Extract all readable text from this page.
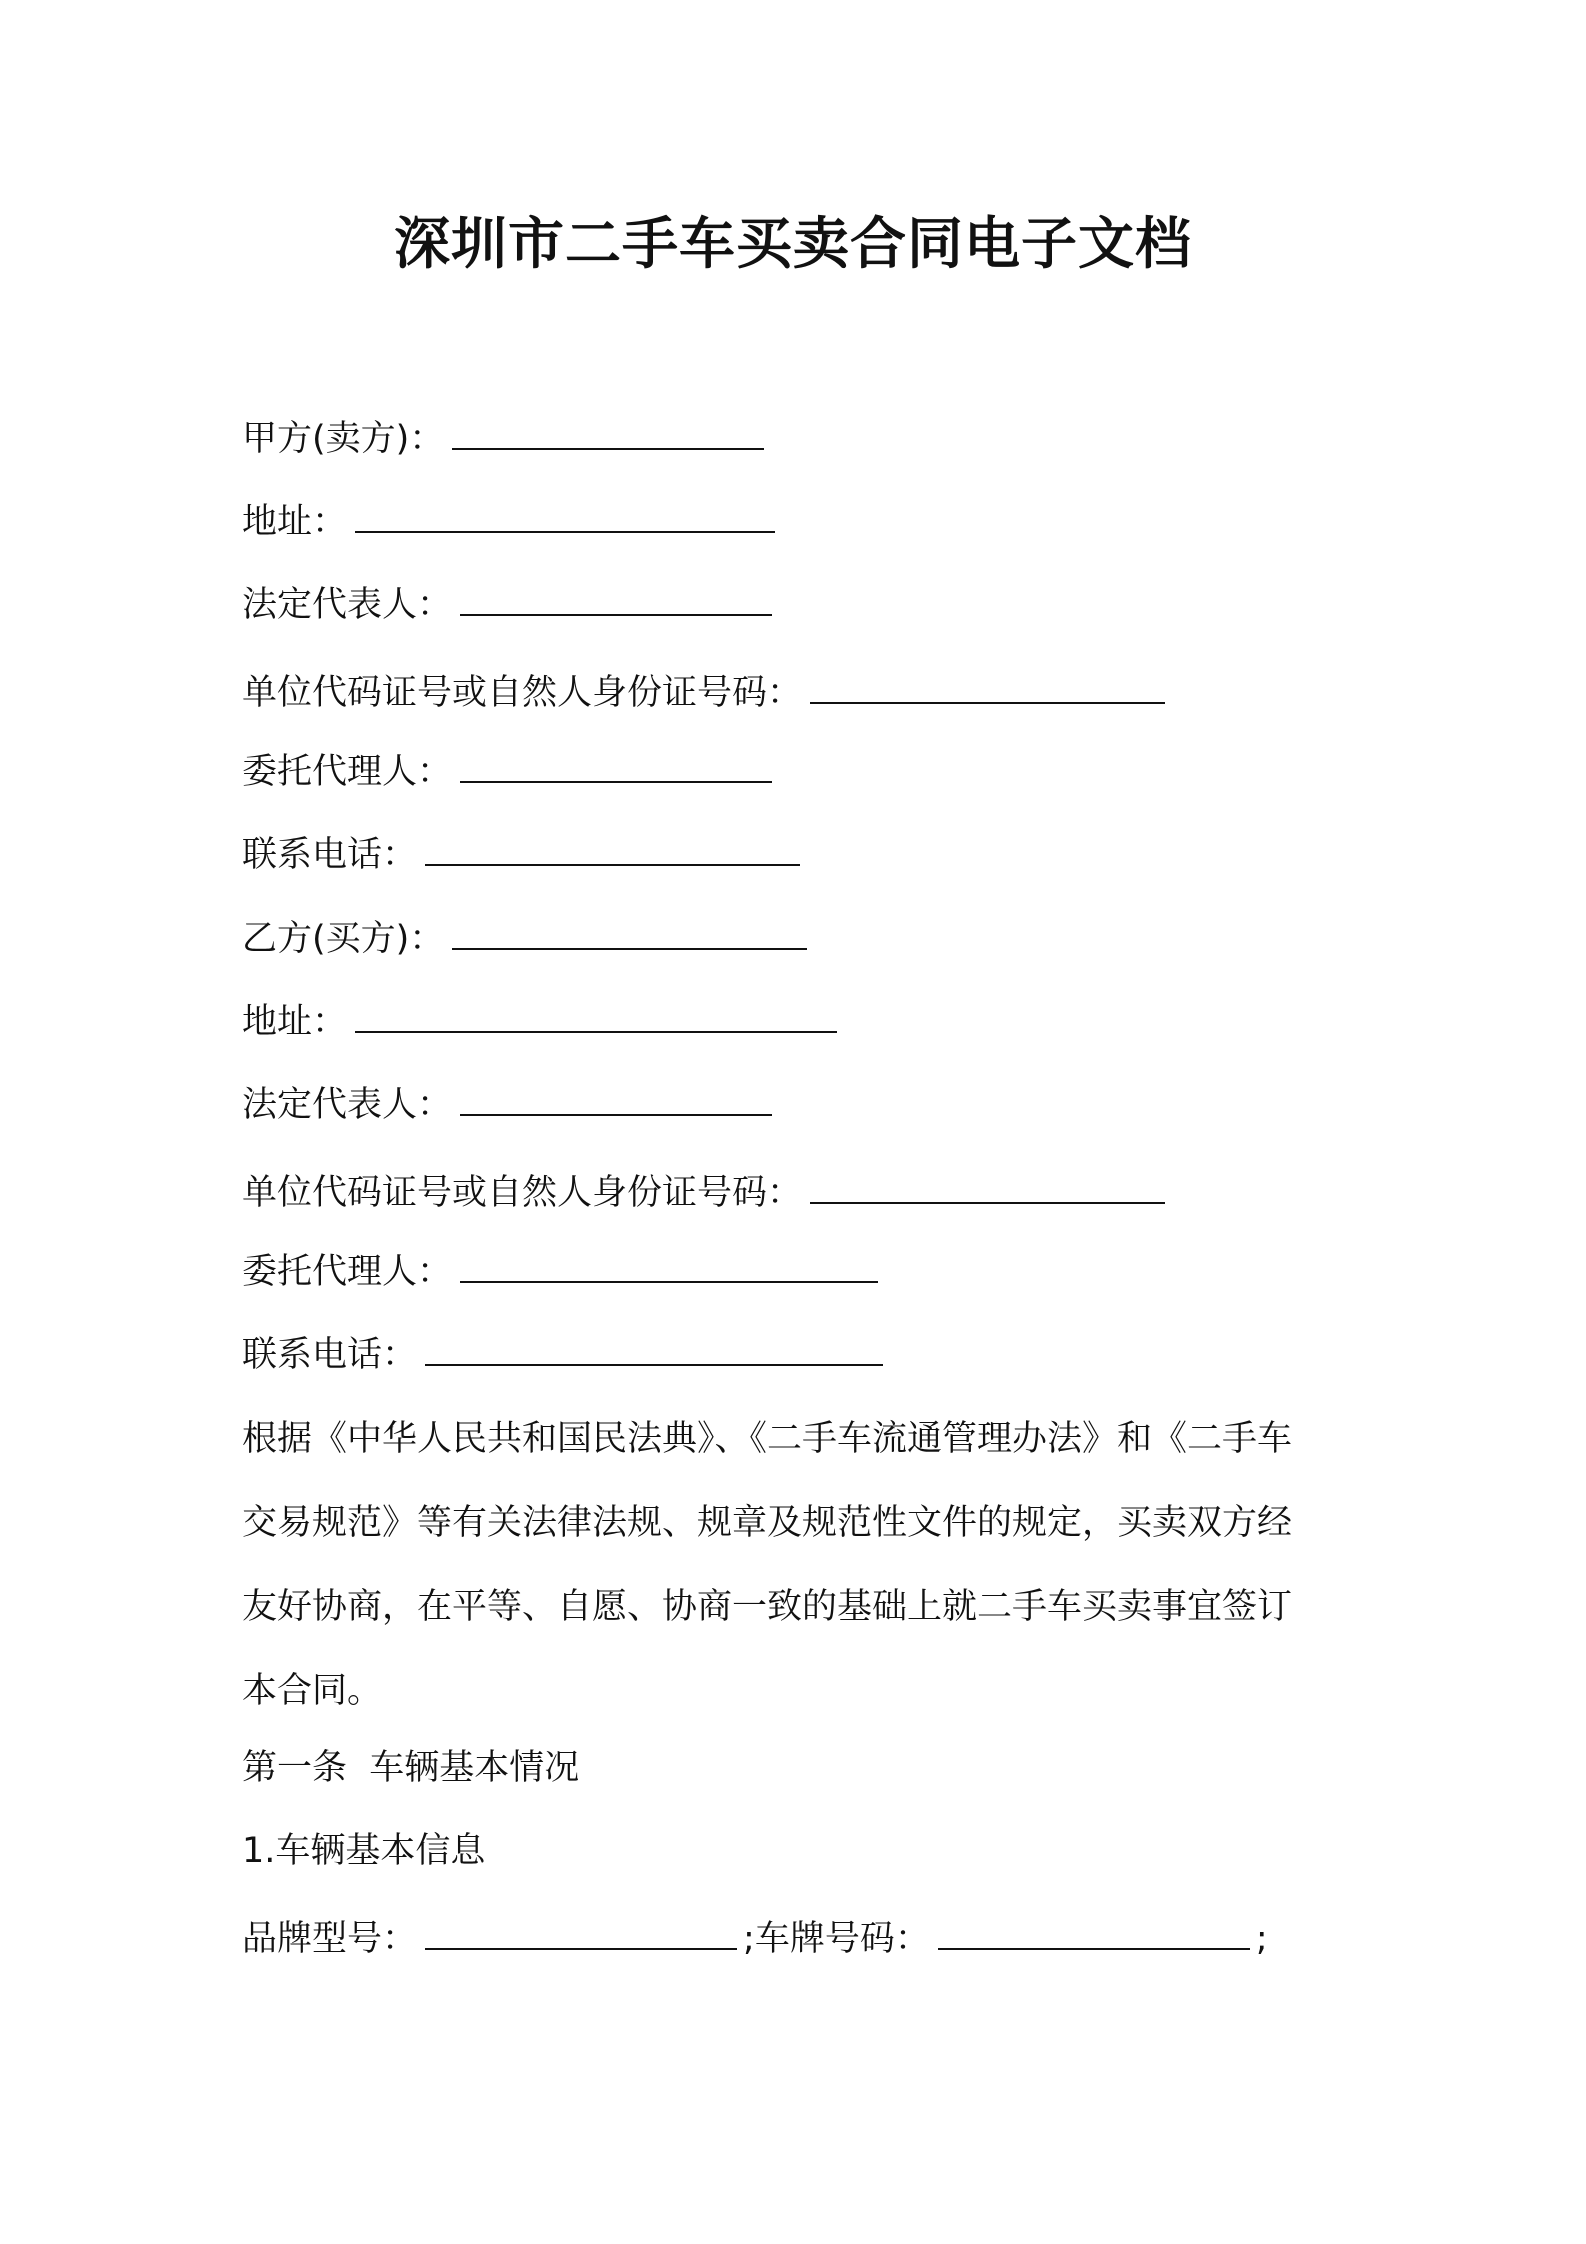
深圳市二手车买卖合同电子文档
甲方(卖方)：
地址：
法定代表人：
单位代码证号或自然人身份证号码：
委托代理人：
联系电话：
乙方(买方)：
地址：
法定代表人：
单位代码证号或自然人身份证号码：
委托代理人：
联系电话：
根据《中华人民共和国民法典》、《二手车流通管理办法》和《二手车
交易规范》等有关法律法规、规章及规范性文件的规定，买卖双方经
友好协商，在平等、自愿、协商一致的基础上就二手车买卖事宜签订
本合同。
第一条  车辆基本情况
1.车辆基本信息
品牌型号：	;车牌号码：	;
